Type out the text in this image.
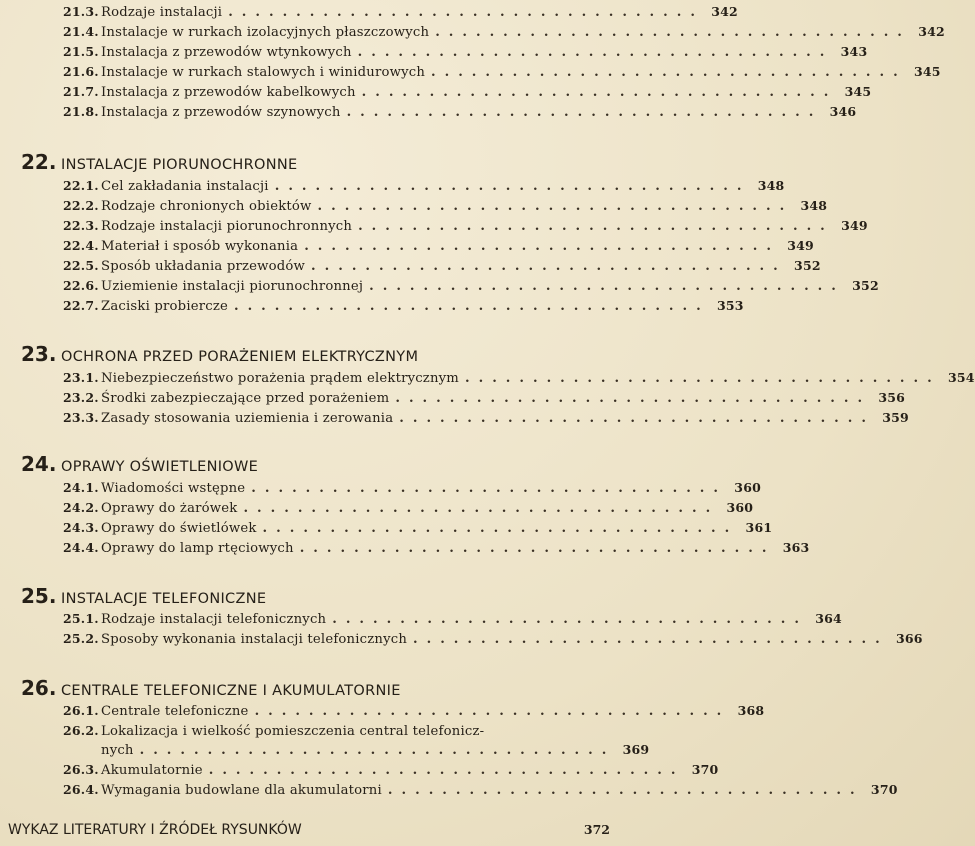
21.3. Rodzaje instalacji ................................... 342
21.4. Instalacje w rurkach izolacyjnych płaszczowych ................................... 342
21.5. Instalacja z przewodów wtynkowych ................................... 343
21.6. Instalacje w rurkach stalowych i winidurowych ................................... 345
21.7. Instalacja z przewodów kabelkowych ................................... 345
21.8. Instalacja z przewodów szynowych ................................... 346
22. INSTALACJE PIORUNOCHRONNE
22.1. Cel zakładania instalacji ................................... 348
22.2. Rodzaje chronionych obiektów ................................... 348
22.3. Rodzaje instalacji piorunochronnych ................................... 349
22.4. Materiał i sposób wykonania ................................... 349
22.5. Sposób układania przewodów ................................... 352
22.6. Uziemienie instalacji piorunochronnej ................................... 352
22.7. Zaciski probiercze ................................... 353
23. OCHRONA PRZED PORAŻENIEM ELEKTRYCZNYM
23.1. Niebezpieczeństwo porażenia prądem elektrycznym ................................... 354
23.2. Środki zabezpieczające przed porażeniem ................................... 356
23.3. Zasady stosowania uziemienia i zerowania ................................... 359
24. OPRAWY OŚWIETLENIOWE
24.1. Wiadomości wstępne ................................... 360
24.2. Oprawy do żarówek ................................... 360
24.3. Oprawy do świetlówek ................................... 361
24.4. Oprawy do lamp rtęciowych ................................... 363
25. INSTALACJE TELEFONICZNE
25.1. Rodzaje instalacji telefonicznych ................................... 364
25.2. Sposoby wykonania instalacji telefonicznych ................................... 366
26. CENTRALE TELEFONICZNE I AKUMULATORNIE
26.1. Centrale telefoniczne ................................... 368
26.2. Lokalizacja i wielkość pomieszczenia central telefonicz-
nych ................................... 369
26.3. Akumulatornie ................................... 370
26.4. Wymagania budowlane dla akumulatorni ................................... 370
WYKAZ LITERATURY I ŹRÓDEŁ RYSUNKÓW	372
